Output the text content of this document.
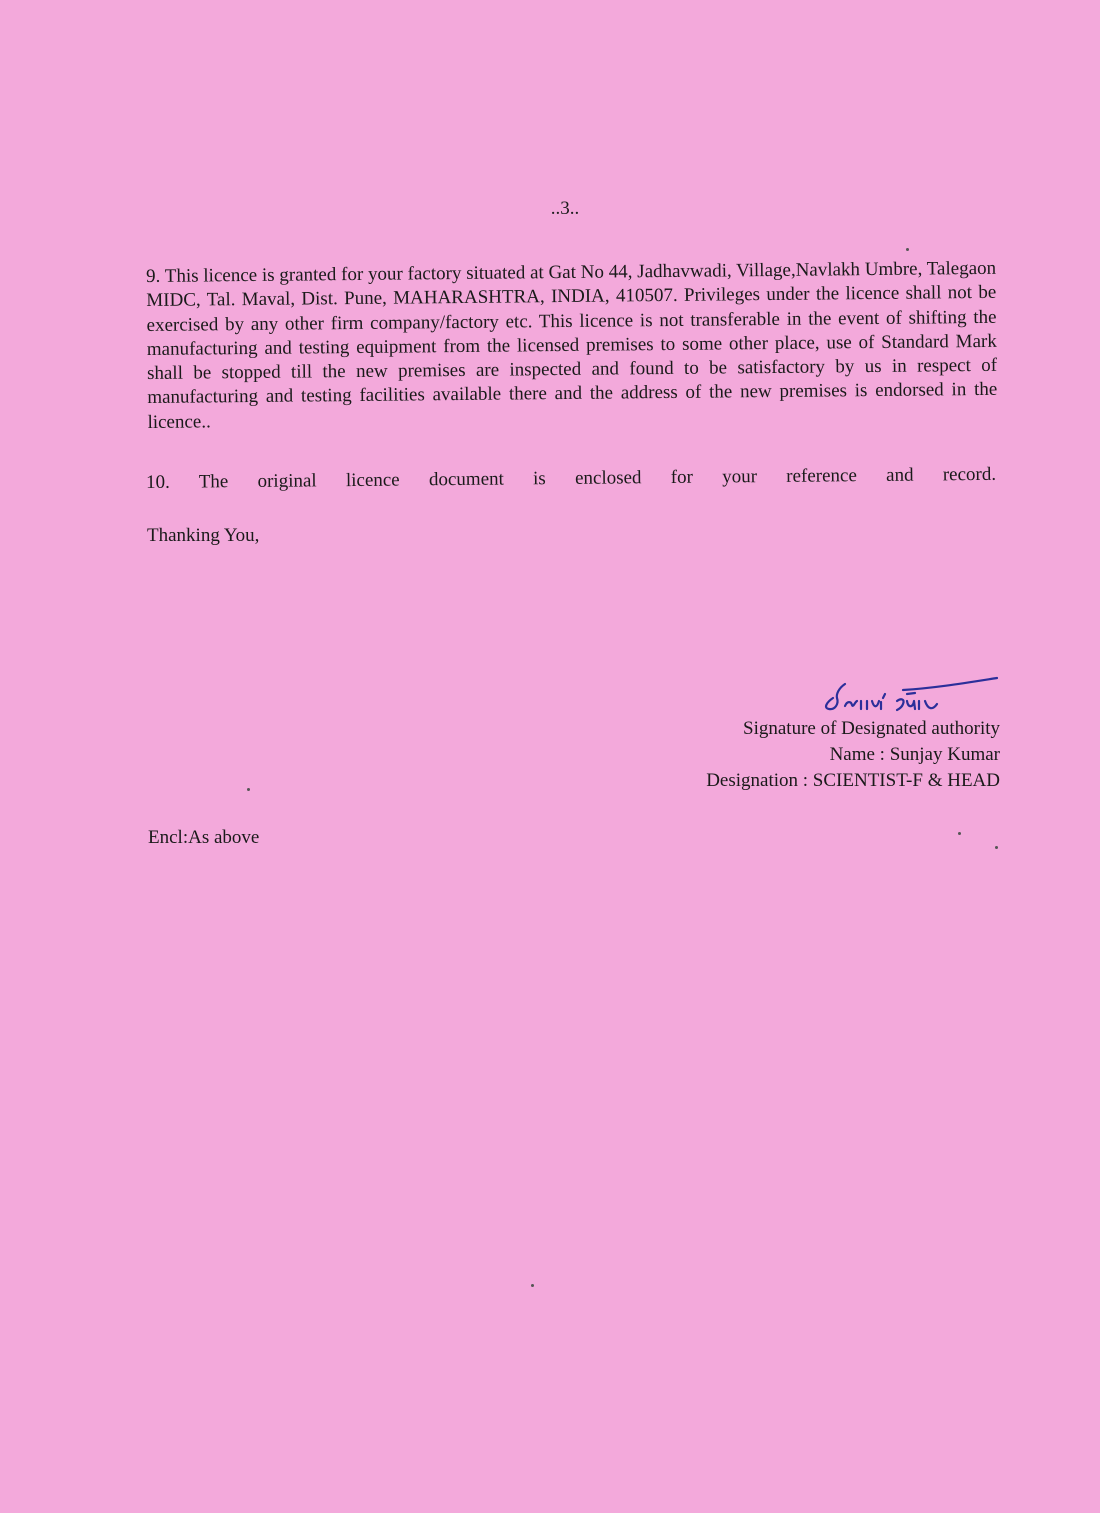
..3..

9. This licence is granted for your factory situated at Gat No 44, Jadhavwadi, Village,Navlakh Umbre, Talegaon MIDC, Tal. Maval, Dist. Pune, MAHARASHTRA, INDIA, 410507. Privileges under the licence shall not be exercised by any other firm company/factory etc. This licence is not transferable in the event of shifting the manufacturing and testing equipment from the licensed premises to some other place, use of Standard Mark shall be stopped till the new premises are inspected and found to be satisfactory by us in respect of manufacturing and testing facilities available there and the address of the new premises is endorsed in the licence..

10. The original licence document is enclosed for your reference and record.

Thanking You,

Signature of Designated authority
Name : Sunjay Kumar
Designation : SCIENTIST-F & HEAD

Encl:As above
